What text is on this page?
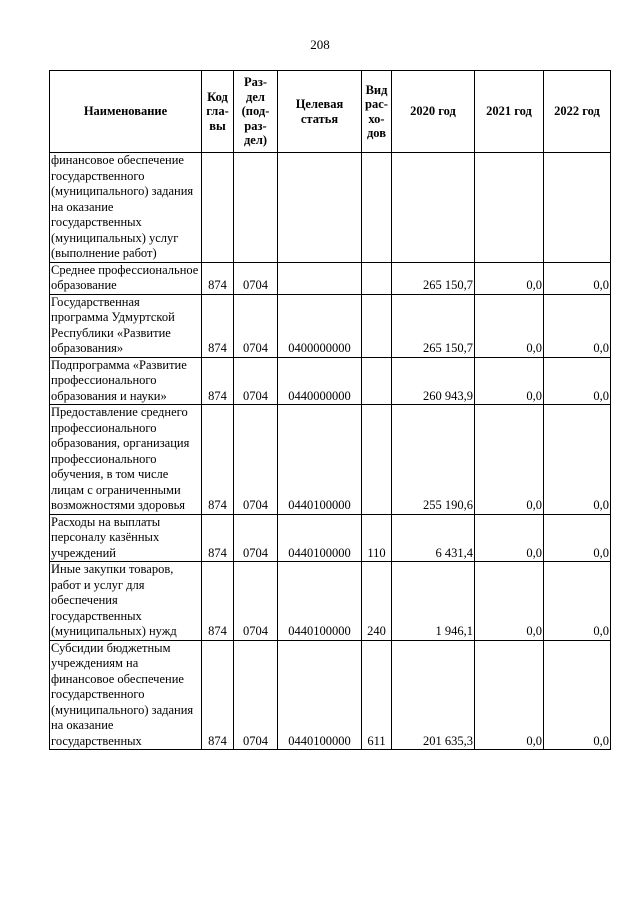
208
Наименование	Код гла-вы	Раз-дел (под-раз-дел)	Целевая статья	Вид рас-хо-дов	2020 год	2021 год	2022 год
финансовое обеспечение государственного (муниципального) задания на оказание государственных (муниципальных) услуг (выполнение работ)							
Среднее профессиональное образование	874	0704			265 150,7	0,0	0,0
Государственная программа Удмуртской Республики «Развитие образования»	874	0704	0400000000		265 150,7	0,0	0,0
Подпрограмма «Развитие профессионального образования и науки»	874	0704	0440000000		260 943,9	0,0	0,0
Предоставление среднего профессионального образования, организация профессионального обучения, в том числе лицам с ограниченными возможностями здоровья	874	0704	0440100000		255 190,6	0,0	0,0
Расходы на выплаты персоналу казённых учреждений	874	0704	0440100000	110	6 431,4	0,0	0,0
Иные закупки товаров, работ и услуг для обеспечения государственных (муниципальных) нужд	874	0704	0440100000	240	1 946,1	0,0	0,0
Субсидии бюджетным учреждениям на финансовое обеспечение государственного (муниципального) задания на оказание государственных	874	0704	0440100000	611	201 635,3	0,0	0,0
